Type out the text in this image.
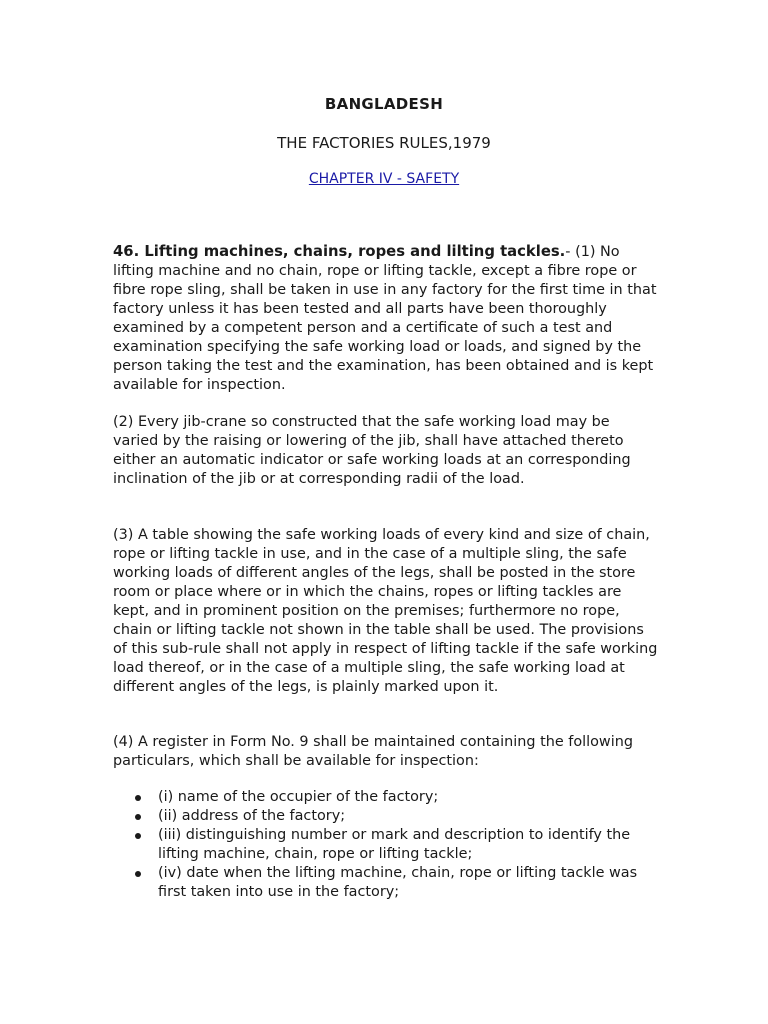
BANGLADESH
THE FACTORIES RULES,1979
CHAPTER IV - SAFETY

46. Lifting machines, chains, ropes and lilting tackles.- (1) No lifting machine and no chain, rope or lifting tackle, except a fibre rope or fibre rope sling, shall be taken in use in any factory for the first time in that factory unless it has been tested and all parts have been thoroughly examined by a competent person and a certificate of such a test and examination specifying the safe working load or loads, and signed by the person taking the test and the examination, has been obtained and is kept available for inspection.

(2) Every jib-crane so constructed that the safe working load may be varied by the raising or lowering of the jib, shall have attached thereto either an automatic indicator or safe working loads at an corresponding inclination of the jib or at corresponding radii of the load.

(3) A table showing the safe working loads of every kind and size of chain, rope or lifting tackle in use, and in the case of a multiple sling, the safe working loads of different angles of the legs, shall be posted in the store room or place where or in which the chains, ropes or lifting tackles are kept, and in prominent position on the premises; furthermore no rope, chain or lifting tackle not shown in the table shall be used. The provisions of this sub-rule shall not apply in respect of lifting tackle if the safe working load thereof, or in the case of a multiple sling, the safe working load at different angles of the legs, is plainly marked upon it.

(4) A register in Form No. 9 shall be maintained containing the following particulars, which shall be available for inspection:

(i) name of the occupier of the factory;
(ii) address of the factory;
(iii) distinguishing number or mark and description to identify the lifting machine, chain, rope or lifting tackle;
(iv) date when the lifting machine, chain, rope or lifting tackle was first taken into use in the factory;
